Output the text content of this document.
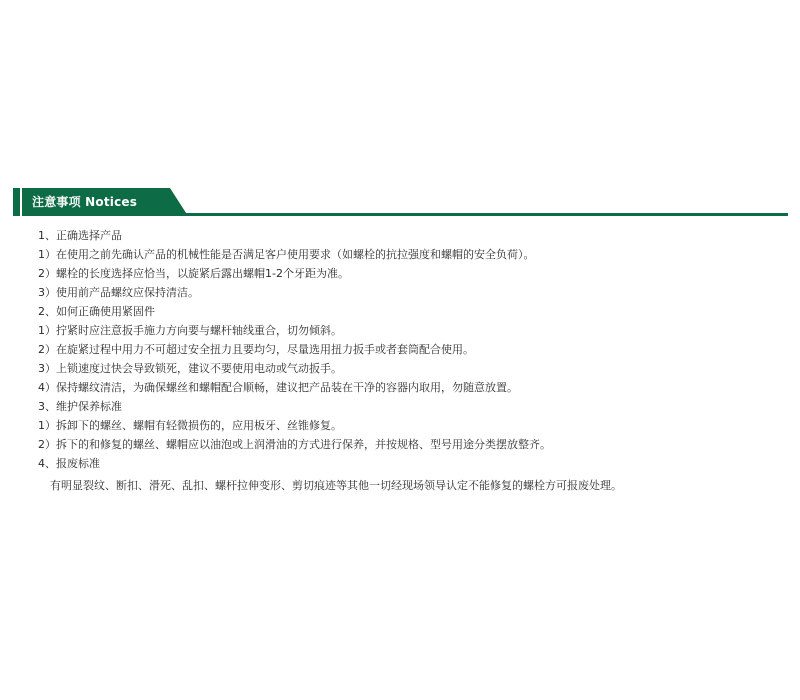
注意事项 Notices
1、正确选择产品
1）在使用之前先确认产品的机械性能是否满足客户使用要求（如螺栓的抗拉强度和螺帽的安全负荷）。
2）螺栓的长度选择应恰当，以旋紧后露出螺帽1-2个牙距为准。
3）使用前产品螺纹应保持清洁。
2、如何正确使用紧固件
1）拧紧时应注意扳手施力方向要与螺杆轴线重合，切勿倾斜。
2）在旋紧过程中用力不可超过安全扭力且要均匀，尽量选用扭力扳手或者套筒配合使用。
3）上锁速度过快会导致锁死，建议不要使用电动或气动扳手。
4）保持螺纹清洁，为确保螺丝和螺帽配合顺畅，建议把产品装在干净的容器内取用，勿随意放置。
3、维护保养标准
1）拆卸下的螺丝、螺帽有轻微损伤的，应用板牙、丝锥修复。
2）拆下的和修复的螺丝、螺帽应以油泡或上润滑油的方式进行保养，并按规格、型号用途分类摆放整齐。
4、报废标准

有明显裂纹、断扣、滑死、乱扣、螺杆拉伸变形、剪切痕迹等其他一切经现场领导认定不能修复的螺栓方可报废处理。
